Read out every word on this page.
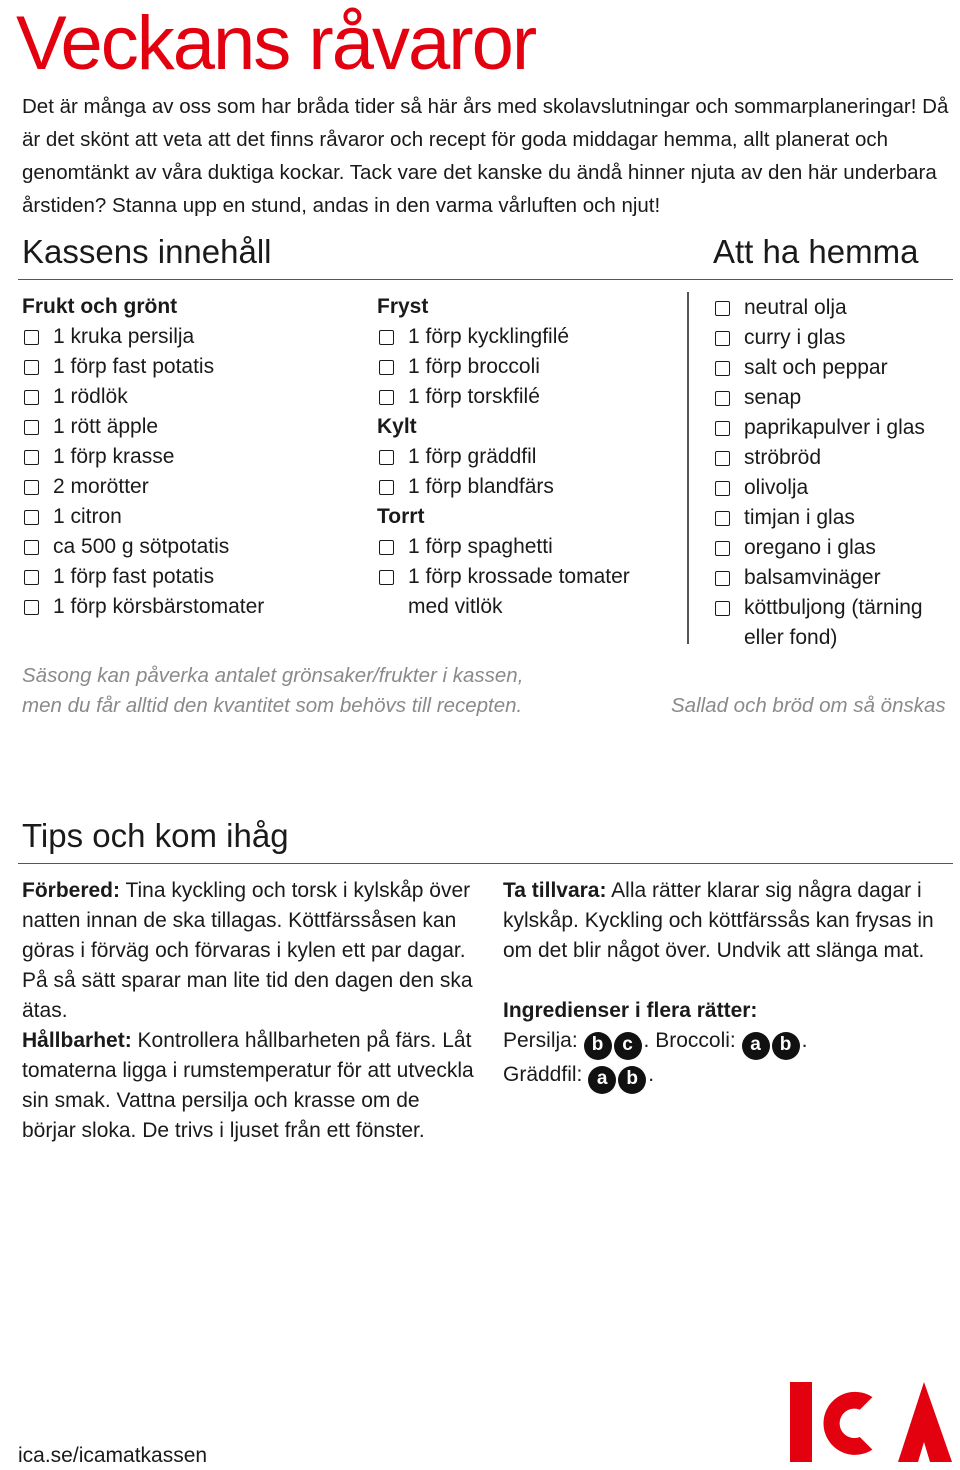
Veckans råvaror
Det är många av oss som har bråda tider så här års med skolavslutningar och sommarplaneringar! Då är det skönt att veta att det finns råvaror och recept för goda middagar hemma, allt planerat och genomtänkt av våra duktiga kockar. Tack vare det kanske du ändå hinner njuta av den här underbara årstiden? Stanna upp en stund, andas in den varma vårluften och njut!
Kassens innehåll	Att ha hemma
Frukt och grönt
1 kruka persilja
1 förp fast potatis
1 rödlök
1 rött äpple
1 förp krasse
2 morötter
1 citron
ca 500 g sötpotatis
1 förp fast potatis
1 förp körsbärstomater
Fryst
1 förp kycklingfilé
1 förp broccoli
1 förp torskfilé
Kylt
1 förp gräddfil
1 förp blandfärs
Torrt
1 förp spaghetti
1 förp krossade tomater
med vitlök
neutral olja
curry i glas
salt och peppar
senap
paprikapulver i glas
ströbröd
olivolja
timjan i glas
oregano i glas
balsamvinäger
köttbuljong (tärning
eller fond)
Säsong kan påverka antalet grönsaker/frukter i kassen,
men du får alltid den kvantitet som behövs till recepten.	Sallad och bröd om så önskas
Tips och kom ihåg
Förbered: Tina kyckling och torsk i kylskåp över natten innan de ska tillagas. Köttfärssåsen kan göras i förväg och förvaras i kylen ett par dagar. På så sätt sparar man lite tid den dagen den ska ätas.
Hållbarhet: Kontrollera hållbarheten på färs. Låt tomaterna ligga i rumstemperatur för att utveckla sin smak. Vattna persilja och krasse om de börjar sloka. De trivs i ljuset från ett fönster.
Ta tillvara: Alla rätter klarar sig några dagar i kylskåp. Kyckling och köttfärssås kan frysas in om det blir något över. Undvik att slänga mat.
Ingredienser i flera rätter:
Persilja: b c . Broccoli: a b .
Gräddfil: a b .
ica.se/icamatkassen
